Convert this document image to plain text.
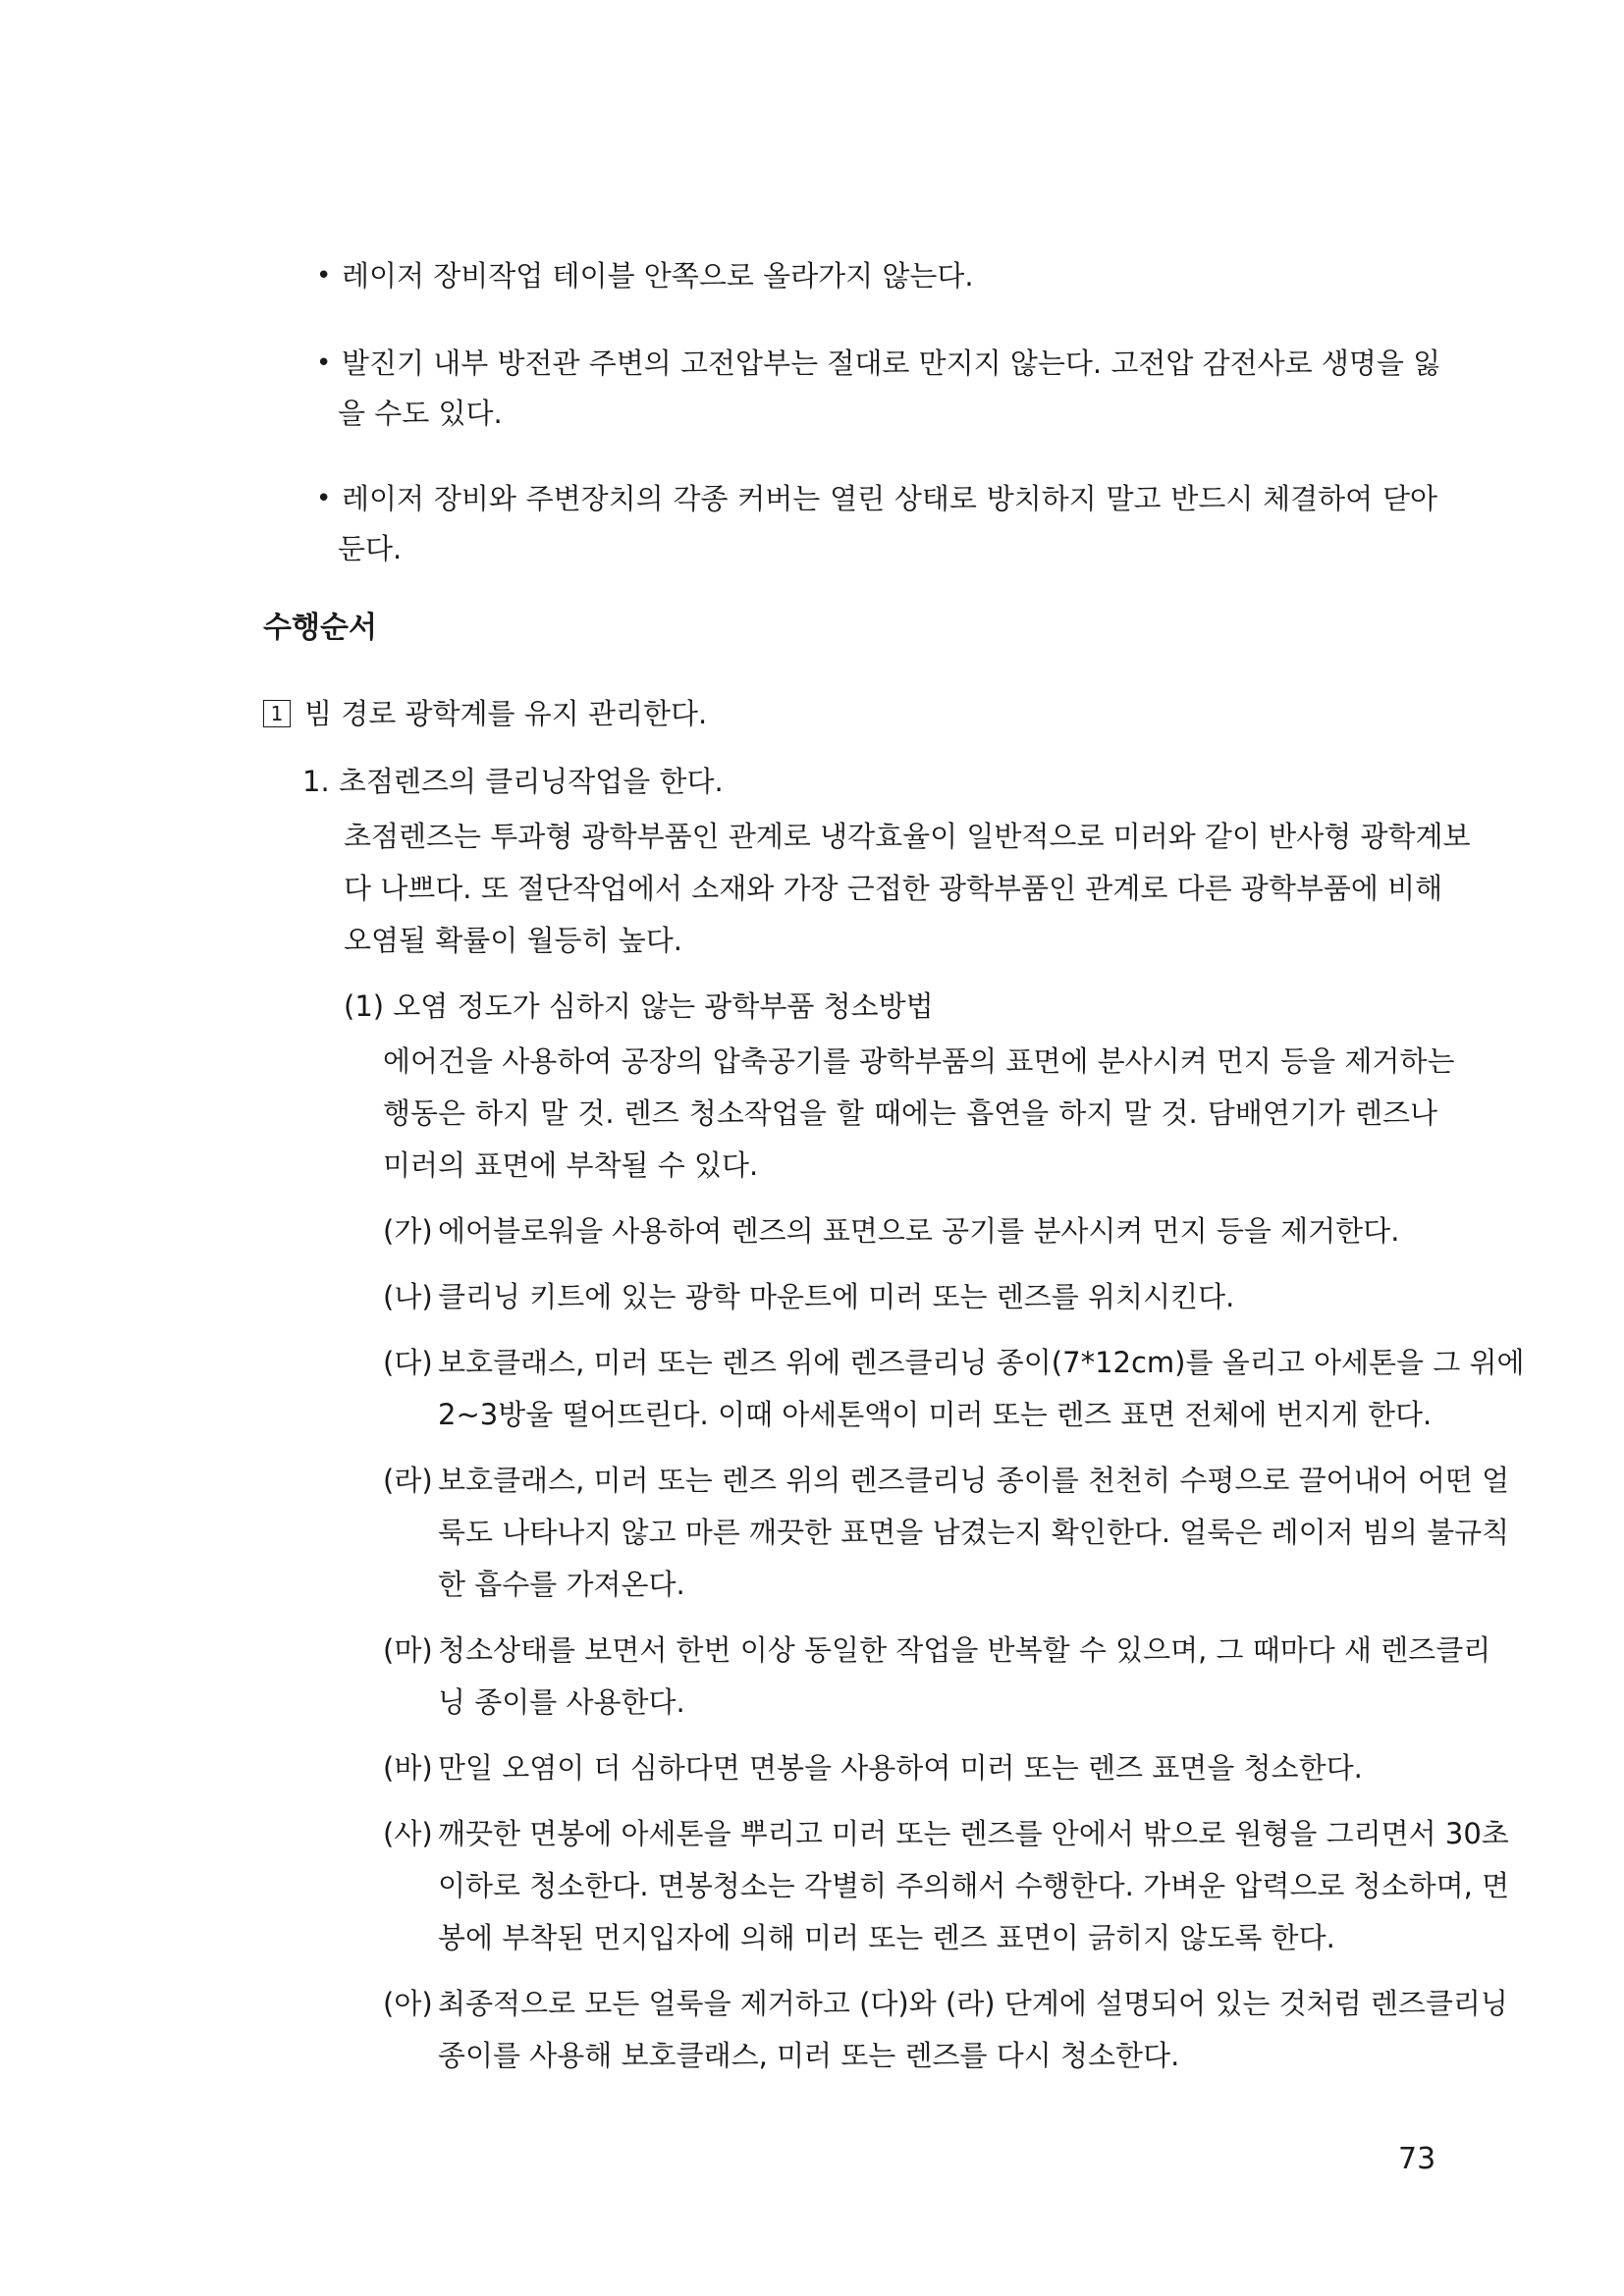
• 레이저 장비작업 테이블 안쪽으로 올라가지 않는다.
• 발진기 내부 방전관 주변의 고전압부는 절대로 만지지 않는다. 고전압 감전사로 생명을 잃
을 수도 있다.
• 레이저 장비와 주변장치의 각종 커버는 열린 상태로 방치하지 말고 반드시 체결하여 닫아
둔다.
수행순서
1 빔 경로 광학계를 유지 관리한다.
1. 초점렌즈의 클리닝작업을 한다.
초점렌즈는 투과형 광학부품인 관계로 냉각효율이 일반적으로 미러와 같이 반사형 광학계보
다 나쁘다. 또 절단작업에서 소재와 가장 근접한 광학부품인 관계로 다른 광학부품에 비해
오염될 확률이 월등히 높다.
(1) 오염 정도가 심하지 않는 광학부품 청소방법
에어건을 사용하여 공장의 압축공기를 광학부품의 표면에 분사시켜 먼지 등을 제거하는
행동은 하지 말 것. 렌즈 청소작업을 할 때에는 흡연을 하지 말 것. 담배연기가 렌즈나
미러의 표면에 부착될 수 있다.
(가) 에어블로워을 사용하여 렌즈의 표면으로 공기를 분사시켜 먼지 등을 제거한다.
(나) 클리닝 키트에 있는 광학 마운트에 미러 또는 렌즈를 위치시킨다.
(다) 보호클래스, 미러 또는 렌즈 위에 렌즈클리닝 종이(7*12cm)를 올리고 아세톤을 그 위에
2~3방울 떨어뜨린다. 이때 아세톤액이 미러 또는 렌즈 표면 전체에 번지게 한다.
(라) 보호클래스, 미러 또는 렌즈 위의 렌즈클리닝 종이를 천천히 수평으로 끌어내어 어떤 얼
룩도 나타나지 않고 마른 깨끗한 표면을 남겼는지 확인한다. 얼룩은 레이저 빔의 불규칙
한 흡수를 가져온다.
(마) 청소상태를 보면서 한번 이상 동일한 작업을 반복할 수 있으며, 그 때마다 새 렌즈클리
닝 종이를 사용한다.
(바) 만일 오염이 더 심하다면 면봉을 사용하여 미러 또는 렌즈 표면을 청소한다.
(사) 깨끗한 면봉에 아세톤을 뿌리고 미러 또는 렌즈를 안에서 밖으로 원형을 그리면서 30초
이하로 청소한다. 면봉청소는 각별히 주의해서 수행한다. 가벼운 압력으로 청소하며, 면
봉에 부착된 먼지입자에 의해 미러 또는 렌즈 표면이 긁히지 않도록 한다.
(아) 최종적으로 모든 얼룩을 제거하고 (다)와 (라) 단계에 설명되어 있는 것처럼 렌즈클리닝
종이를 사용해 보호클래스, 미러 또는 렌즈를 다시 청소한다.
73
